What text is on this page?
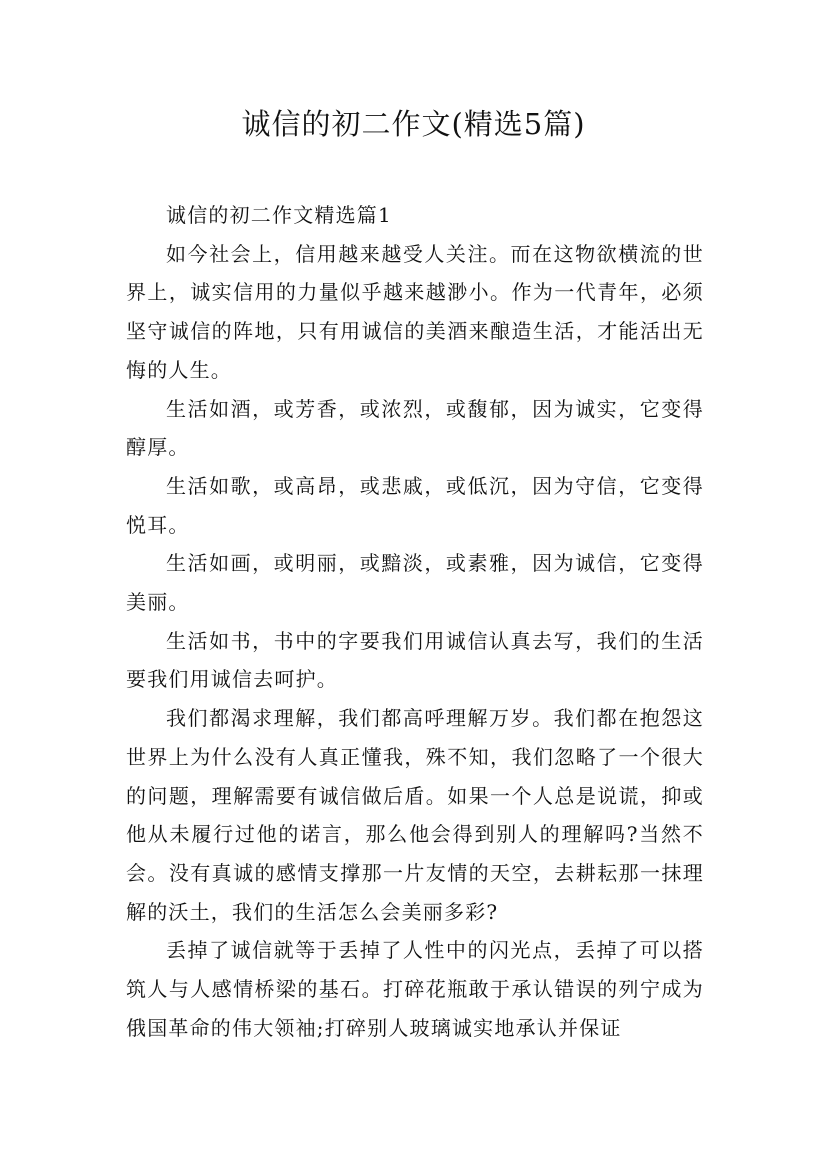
诚信的初二作文(精选5篇)

诚信的初二作文精选篇1

如今社会上，信用越来越受人关注。而在这物欲横流的世界上，诚实信用的力量似乎越来越渺小。作为一代青年，必须坚守诚信的阵地，只有用诚信的美酒来酿造生活，才能活出无悔的人生。

生活如酒，或芳香，或浓烈，或馥郁，因为诚实，它变得醇厚。

生活如歌，或高昂，或悲戚，或低沉，因为守信，它变得悦耳。

生活如画，或明丽，或黯淡，或素雅，因为诚信，它变得美丽。

生活如书，书中的字要我们用诚信认真去写，我们的生活要我们用诚信去呵护。

我们都渴求理解，我们都高呼理解万岁。我们都在抱怨这世界上为什么没有人真正懂我，殊不知，我们忽略了一个很大的问题，理解需要有诚信做后盾。如果一个人总是说谎，抑或他从未履行过他的诺言，那么他会得到别人的理解吗?当然不会。没有真诚的感情支撑那一片友情的天空，去耕耘那一抹理解的沃土，我们的生活怎么会美丽多彩?

丢掉了诚信就等于丢掉了人性中的闪光点，丢掉了可以搭筑人与人感情桥梁的基石。打碎花瓶敢于承认错误的列宁成为俄国革命的伟大领袖;打碎别人玻璃诚实地承认并保证
